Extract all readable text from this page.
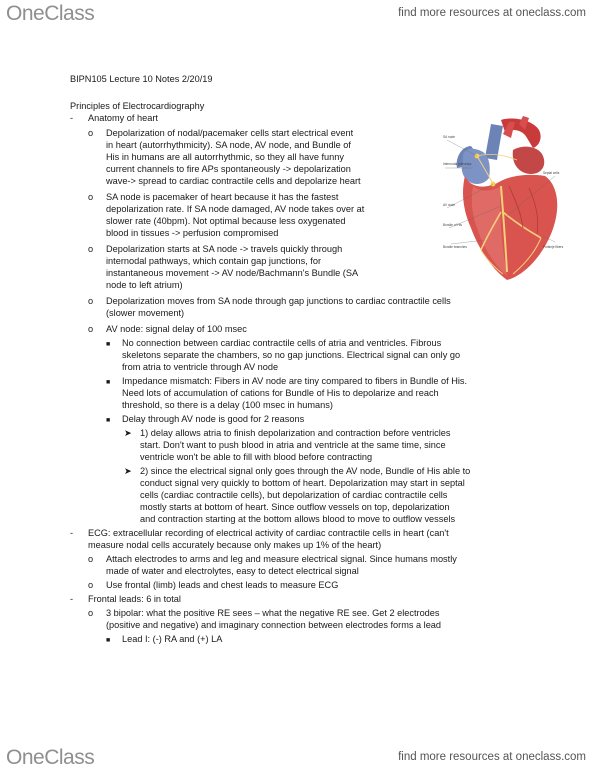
OneClass	find more resources at oneclass.com
BIPN105 Lecture 10 Notes 2/20/19
Principles of Electrocardiography
- Anatomy of heart
o Depolarization of nodal/pacemaker cells start electrical event
in heart (autorrhythmicity). SA node, AV node, and Bundle of
His in humans are all autorrhythmic, so they all have funny
current channels to fire APs spontaneously -> depolarization
wave-> spread to cardiac contractile cells and depolarize heart
o SA node is pacemaker of heart because it has the fastest
depolarization rate. If SA node damaged, AV node takes over at
slower rate (40bpm). Not optimal because less oxygenated
blood in tissues -> perfusion compromised
o Depolarization starts at SA node -> travels quickly through
internodal pathways, which contain gap junctions, for
instantaneous movement -> AV node/Bachmann's Bundle (SA
node to left atrium)
o Depolarization moves from SA node through gap junctions to cardiac contractile cells
(slower movement)
o AV node: signal delay of 100 msec
■ No connection between cardiac contractile cells of atria and ventricles. Fibrous
skeletons separate the chambers, so no gap junctions. Electrical signal can only go
from atria to ventricle through AV node
■ Impedance mismatch: Fibers in AV node are tiny compared to fibers in Bundle of His.
Need lots of accumulation of cations for Bundle of His to depolarize and reach
threshold, so there is a delay (100 msec in humans)
■ Delay through AV node is good for 2 reasons
➤ 1) delay allows atria to finish depolarization and contraction before ventricles
start. Don't want to push blood in atria and ventricle at the same time, since
ventricle won't be able to fill with blood before contracting
➤ 2) since the electrical signal only goes through the AV node, Bundle of His able to
conduct signal very quickly to bottom of heart. Depolarization may start in septal
cells (cardiac contractile cells), but depolarization of cardiac contractile cells
mostly starts at bottom of heart. Since outflow vessels on top, depolarization
and contraction starting at the bottom allows blood to move to outflow vessels
- ECG: extracellular recording of electrical activity of cardiac contractile cells in heart (can't
measure nodal cells accurately because only makes up 1% of the heart)
o Attach electrodes to arms and leg and measure electrical signal. Since humans mostly
made of water and electrolytes, easy to detect electrical signal
o Use frontal (limb) leads and chest leads to measure ECG
- Frontal leads: 6 in total
o 3 bipolar: what the positive RE sees – what the negative RE see. Get 2 electrodes
(positive and negative) and imaginary connection between electrodes forms a lead
■ Lead I: (-) RA and (+) LA
SA node
Internodal pathways
AV node
Bundle of His
Bundle branches	Purkinje fibers
Septal cells
OneClass	find more resources at oneclass.com
